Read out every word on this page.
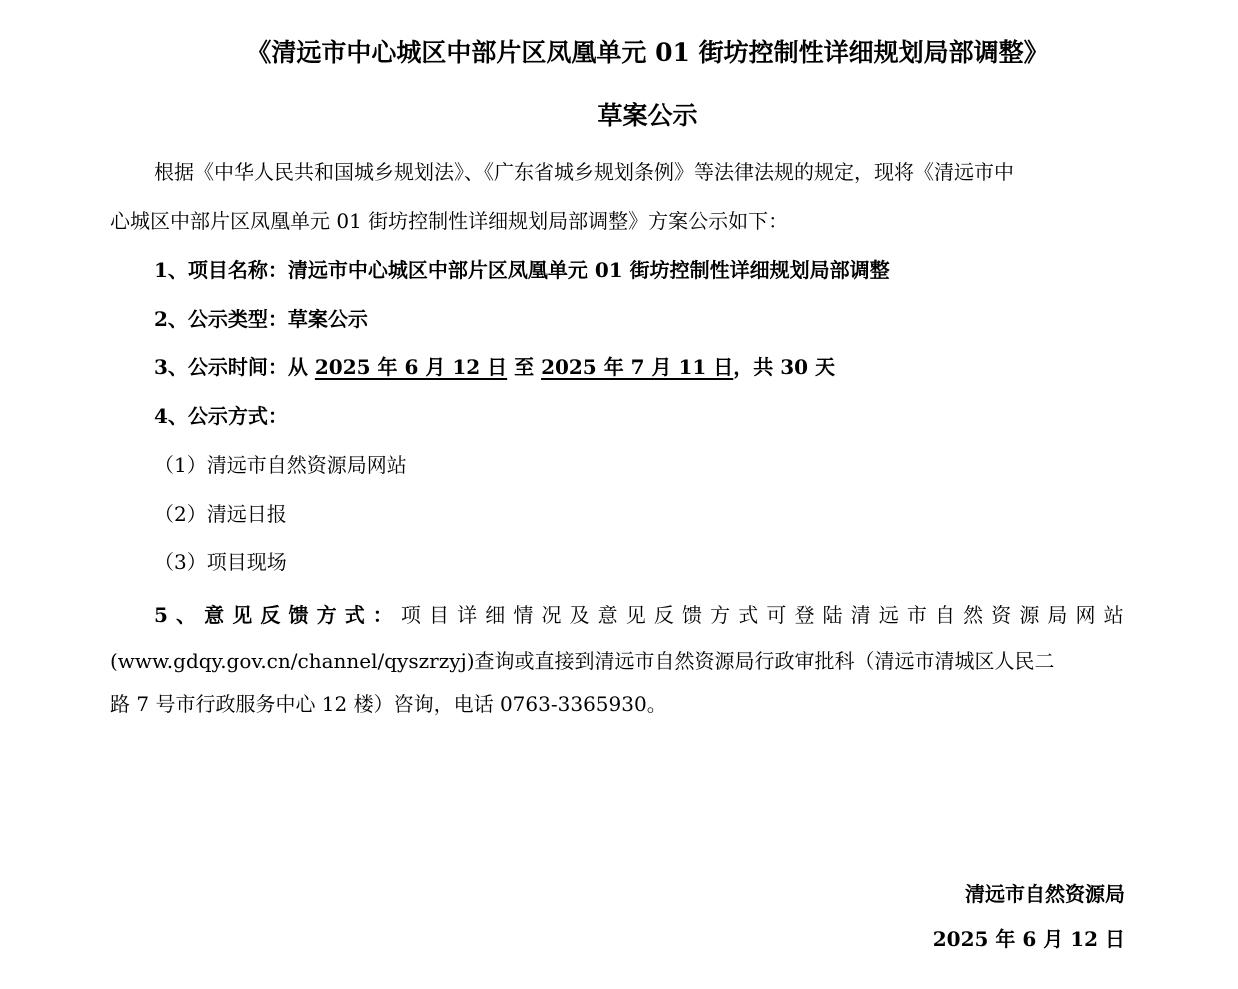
《清远市中心城区中部片区凤凰单元 01 街坊控制性详细规划局部调整》
草案公示
根据《中华人民共和国城乡规划法》、《广东省城乡规划条例》等法律法规的规定，现将《清远市中
心城区中部片区凤凰单元 01 街坊控制性详细规划局部调整》方案公示如下：
1、项目名称：清远市中心城区中部片区凤凰单元 01 街坊控制性详细规划局部调整
2、公示类型：草案公示
3、公示时间：从 2025 年 6 月 12 日 至 2025 年 7 月 11 日，共 30 天
4、公示方式：
（1）清远市自然资源局网站
（2）清远日报
（3）项目现场
5 、 意 见 反 馈 方 式 ： 项 目 详 细 情 况 及 意 见 反 馈 方 式 可 登 陆 清 远 市 自 然 资 源 局 网 站
(www.gdqy.gov.cn/channel/qyszrzyj)查询或直接到清远市自然资源局行政审批科（清远市清城区人民二
路 7 号市行政服务中心 12 楼）咨询，电话 0763-3365930。
清远市自然资源局
2025 年 6 月 12 日
